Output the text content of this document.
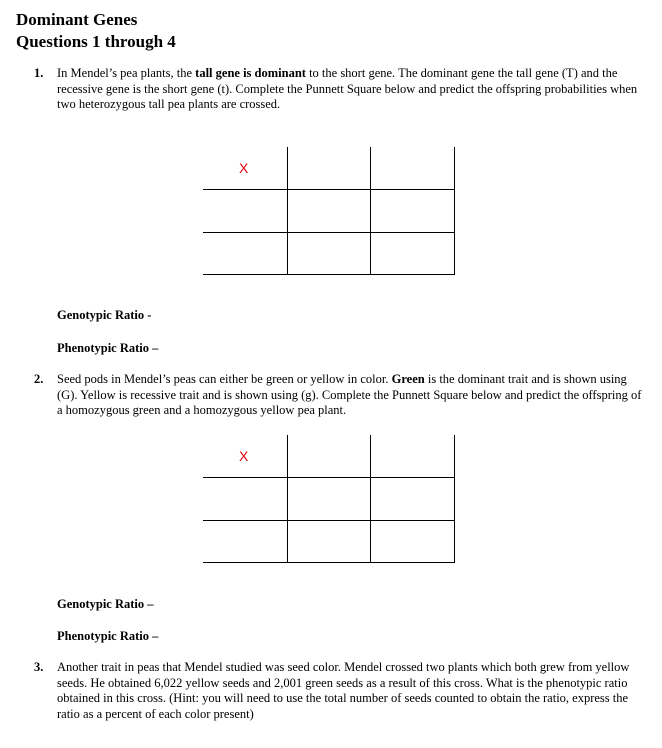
Dominant Genes
Questions 1 through 4
1. In Mendel’s pea plants, the tall gene is dominant to the short gene. The dominant gene the tall gene (T) and the recessive gene is the short gene (t). Complete the Punnett Square below and predict the offspring probabilities when two heterozygous tall pea plants are crossed.
X
Genotypic Ratio -
Phenotypic Ratio –
2. Seed pods in Mendel’s peas can either be green or yellow in color. Green is the dominant trait and is shown using (G). Yellow is recessive trait and is shown using (g). Complete the Punnett Square below and predict the offspring of a homozygous green and a homozygous yellow pea plant.
X
Genotypic Ratio –
Phenotypic Ratio –
3. Another trait in peas that Mendel studied was seed color. Mendel crossed two plants which both grew from yellow seeds. He obtained 6,022 yellow seeds and 2,001 green seeds as a result of this cross. What is the phenotypic ratio obtained in this cross. (Hint: you will need to use the total number of seeds counted to obtain the ratio, express the ratio as a percent of each color present)
